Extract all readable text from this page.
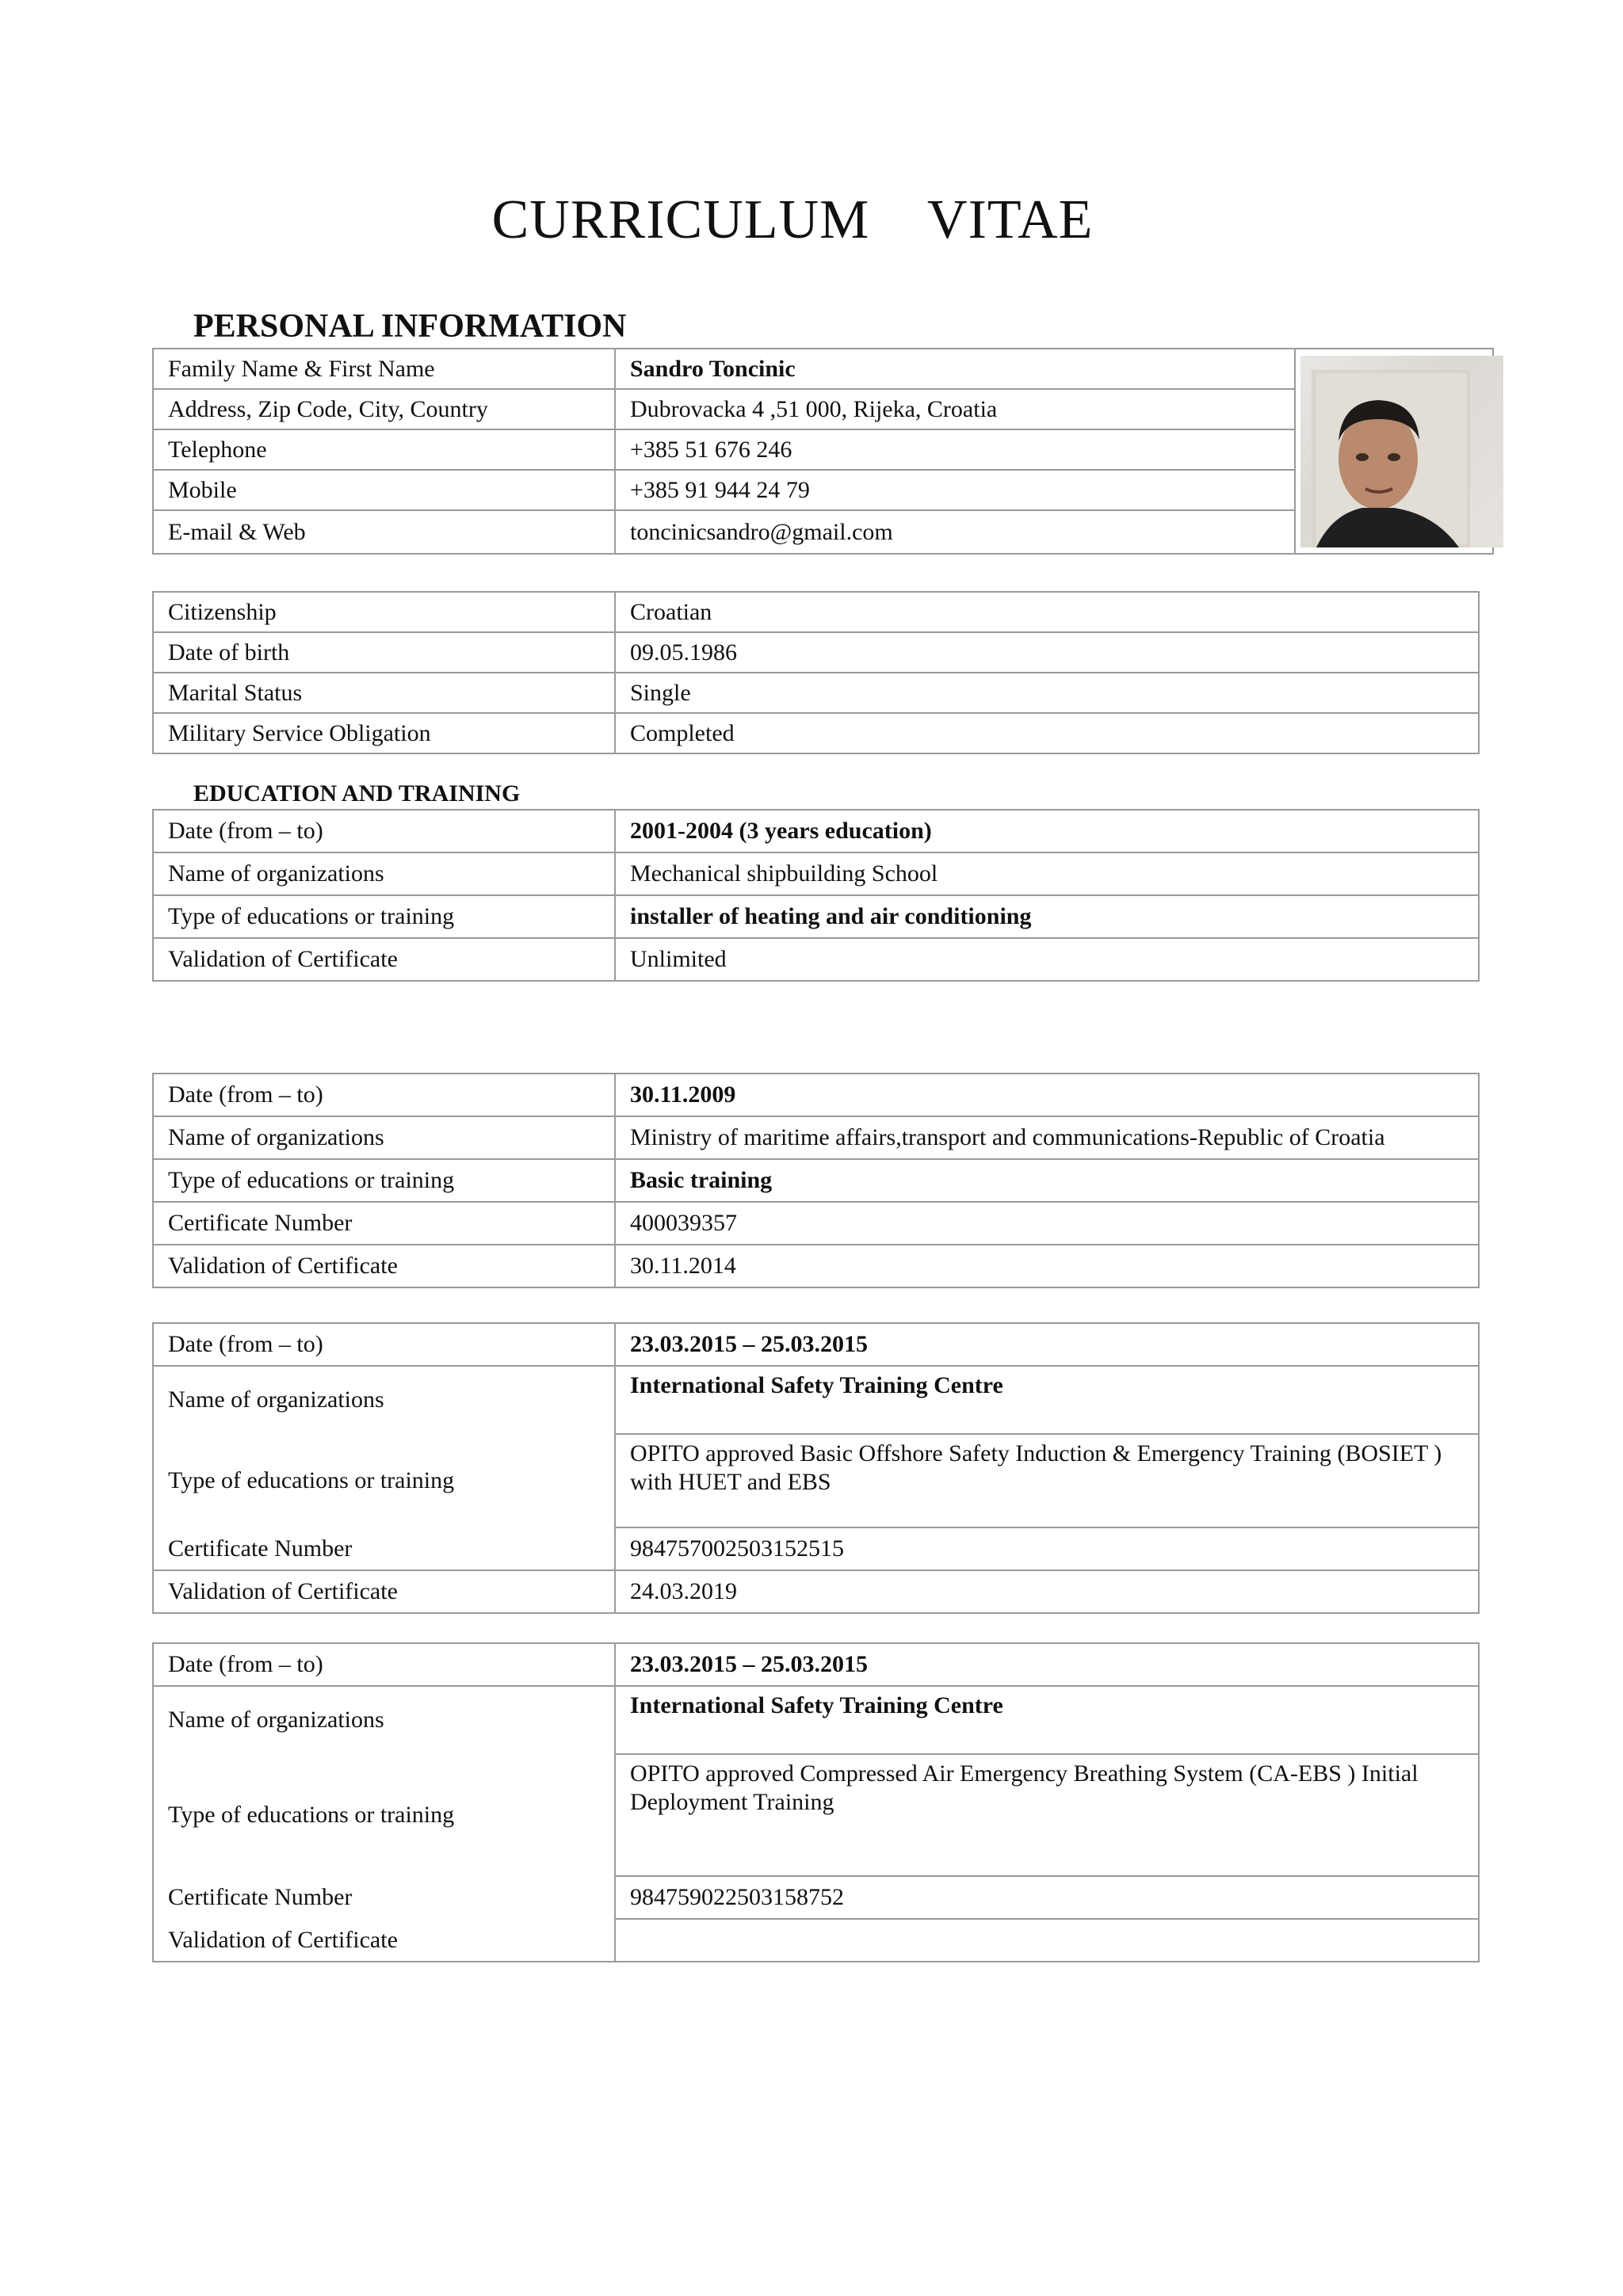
CURRICULUM    VITAE
PERSONAL INFORMATION
Family Name & First Name	Sandro Toncinic	

Address, Zip Code, City, Country	Dubrovacka 4 ,51 000, Rijeka, Croatia	
Telephone	+385 51 676 246	
Mobile	+385 91 944 24 79	
E-mail & Web	toncinicsandro@gmail.com	
Citizenship	Croatian
Date of birth	09.05.1986
Marital Status	Single
Military Service Obligation	Completed
EDUCATION AND TRAINING
Date (from – to)	2001-2004 (3 years education)
Name of organizations	Mechanical shipbuilding School
Type of educations or training	installer of heating and air conditioning
Validation of Certificate	Unlimited
Date (from – to)	30.11.2009
Name of organizations	Ministry of maritime affairs,transport and communications-Republic of Croatia
Type of educations or training	Basic training
Certificate Number	400039357
Validation of Certificate	30.11.2014
Date (from – to)	23.03.2015 – 25.03.2015
Name of organizations	International Safety Training Centre
Type of educations or training	OPITO approved Basic Offshore Safety Induction & Emergency Training (BOSIET ) with HUET and EBS
Certificate Number	984757002503152515
Validation of Certificate	24.03.2019
Date (from – to)	23.03.2015 – 25.03.2015
Name of organizations	International Safety Training Centre
Type of educations or training	OPITO approved Compressed Air Emergency Breathing System (CA-EBS ) Initial Deployment Training
Certificate Number	984759022503158752
Validation of Certificate	
